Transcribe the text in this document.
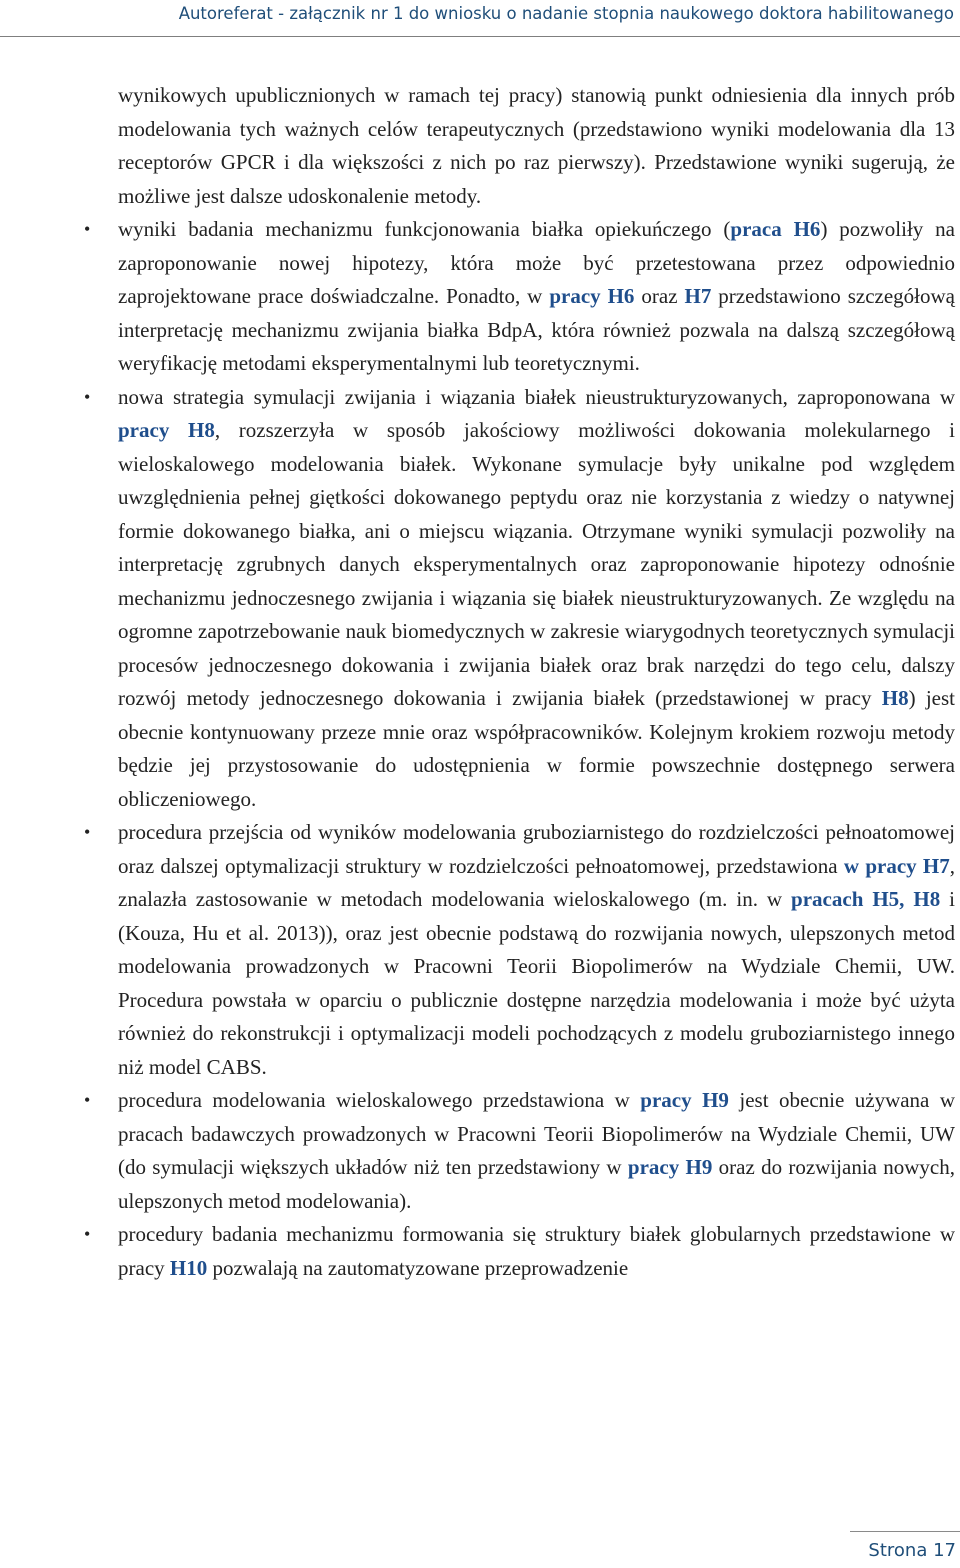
Autoreferat - załącznik nr 1 do wniosku o nadanie stopnia naukowego doktora habilitowanego

wynikowych upublicznionych w ramach tej pracy) stanowią punkt odniesienia dla innych prób modelowania tych ważnych celów terapeutycznych (przedstawiono wyniki modelowania dla 13 receptorów GPCR i dla większości z nich po raz pierwszy). Przedstawione wyniki sugerują, że możliwe jest dalsze udoskonalenie metody.

• wyniki badania mechanizmu funkcjonowania białka opiekuńczego (praca H6) pozwoliły na zaproponowanie nowej hipotezy, która może być przetestowana przez odpowiednio zaprojektowane prace doświadczalne. Ponadto, w pracy H6 oraz H7 przedstawiono szczegółową interpretację mechanizmu zwijania białka BdpA, która również pozwala na dalszą szczegółową weryfikację metodami eksperymentalnymi lub teoretycznymi.

• nowa strategia symulacji zwijania i wiązania białek nieustrukturyzowanych, zaproponowana w pracy H8, rozszerzyła w sposób jakościowy możliwości dokowania molekularnego i wieloskalowego modelowania białek. Wykonane symulacje były unikalne pod względem uwzględnienia pełnej giętkości dokowanego peptydu oraz nie korzystania z wiedzy o natywnej formie dokowanego białka, ani o miejscu wiązania. Otrzymane wyniki symulacji pozwoliły na interpretację zgrubnych danych eksperymentalnych oraz zaproponowanie hipotezy odnośnie mechanizmu jednoczesnego zwijania i wiązania się białek nieustrukturyzowanych. Ze względu na ogromne zapotrzebowanie nauk biomedycznych w zakresie wiarygodnych teoretycznych symulacji procesów jednoczesnego dokowania i zwijania białek oraz brak narzędzi do tego celu, dalszy rozwój metody jednoczesnego dokowania i zwijania białek (przedstawionej w pracy H8) jest obecnie kontynuowany przeze mnie oraz współpracowników. Kolejnym krokiem rozwoju metody będzie jej przystosowanie do udostępnienia w formie powszechnie dostępnego serwera obliczeniowego.

• procedura przejścia od wyników modelowania gruboziarnistego do rozdzielczości pełnoatomowej oraz dalszej optymalizacji struktury w rozdzielczości pełnoatomowej, przedstawiona w pracy H7, znalazła zastosowanie w metodach modelowania wieloskalowego (m. in. w pracach H5, H8 i (Kouza, Hu et al. 2013)), oraz jest obecnie podstawą do rozwijania nowych, ulepszonych metod modelowania prowadzonych w Pracowni Teorii Biopolimerów na Wydziale Chemii, UW. Procedura powstała w oparciu o publicznie dostępne narzędzia modelowania i może być użyta również do rekonstrukcji i optymalizacji modeli pochodzących z modelu gruboziarnistego innego niż model CABS.

• procedura modelowania wieloskalowego przedstawiona w pracy H9 jest obecnie używana w pracach badawczych prowadzonych w Pracowni Teorii Biopolimerów na Wydziale Chemii, UW (do symulacji większych układów niż ten przedstawiony w pracy H9 oraz do rozwijania nowych, ulepszonych metod modelowania).

• procedury badania mechanizmu formowania się struktury białek globularnych przedstawione w pracy H10 pozwalają na zautomatyzowane przeprowadzenie

Strona 17
